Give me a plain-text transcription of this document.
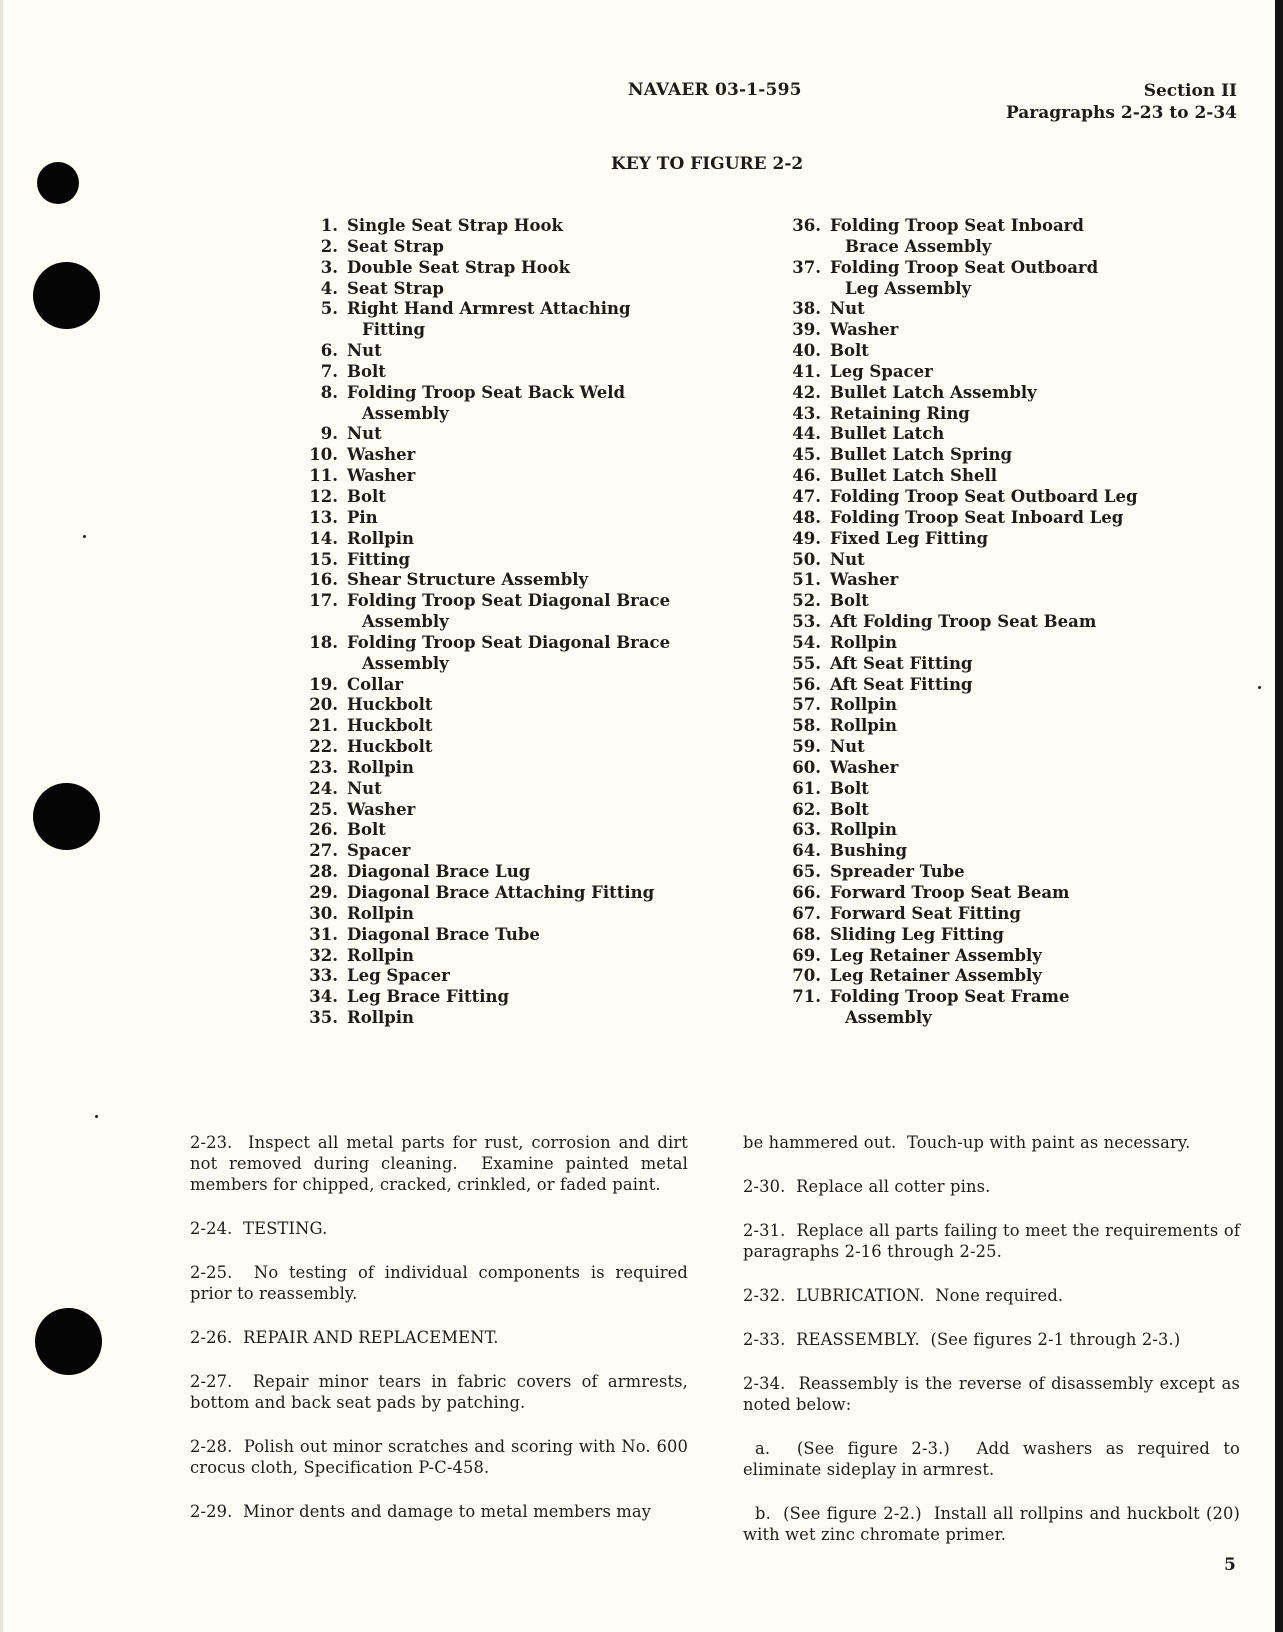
NAVAER 03-1-595	Section II
Paragraphs 2-23 to 2-34
KEY TO FIGURE 2-2
1. Single Seat Strap Hook
2. Seat Strap
3. Double Seat Strap Hook
4. Seat Strap
5. Right Hand Armrest Attaching
Fitting
6. Nut
7. Bolt
8. Folding Troop Seat Back Weld
Assembly
9. Nut
10. Washer
11. Washer
12. Bolt
13. Pin
14. Rollpin
15. Fitting
16. Shear Structure Assembly
17. Folding Troop Seat Diagonal Brace
Assembly
18. Folding Troop Seat Diagonal Brace
Assembly
19. Collar
20. Huckbolt
21. Huckbolt
22. Huckbolt
23. Rollpin
24. Nut
25. Washer
26. Bolt
27. Spacer
28. Diagonal Brace Lug
29. Diagonal Brace Attaching Fitting
30. Rollpin
31. Diagonal Brace Tube
32. Rollpin
33. Leg Spacer
34. Leg Brace Fitting
35. Rollpin
36. Folding Troop Seat Inboard
Brace Assembly
37. Folding Troop Seat Outboard
Leg Assembly
38. Nut
39. Washer
40. Bolt
41. Leg Spacer
42. Bullet Latch Assembly
43. Retaining Ring
44. Bullet Latch
45. Bullet Latch Spring
46. Bullet Latch Shell
47. Folding Troop Seat Outboard Leg
48. Folding Troop Seat Inboard Leg
49. Fixed Leg Fitting
50. Nut
51. Washer
52. Bolt
53. Aft Folding Troop Seat Beam
54. Rollpin
55. Aft Seat Fitting
56. Aft Seat Fitting
57. Rollpin
58. Rollpin
59. Nut
60. Washer
61. Bolt
62. Bolt
63. Rollpin
64. Bushing
65. Spreader Tube
66. Forward Troop Seat Beam
67. Forward Seat Fitting
68. Sliding Leg Fitting
69. Leg Retainer Assembly
70. Leg Retainer Assembly
71. Folding Troop Seat Frame
Assembly

2-23.  Inspect all metal parts for rust, corrosion and dirt not removed during cleaning.  Examine painted metal members for chipped, cracked, crinkled, or faded paint.

2-24.  TESTING.

2-25.  No testing of individual components is required prior to reassembly.

2-26.  REPAIR AND REPLACEMENT.

2-27.  Repair minor tears in fabric covers of armrests, bottom and back seat pads by patching.

2-28.  Polish out minor scratches and scoring with No. 600 crocus cloth, Specification P-C-458.

2-29.  Minor dents and damage to metal members may

be hammered out.  Touch-up with paint as necessary.

2-30.  Replace all cotter pins.

2-31.  Replace all parts failing to meet the requirements of paragraphs 2-16 through 2-25.

2-32.  LUBRICATION.  None required.

2-33.  REASSEMBLY.  (See figures 2-1 through 2-3.)

2-34.  Reassembly is the reverse of disassembly except as noted below:

a.  (See figure 2-3.)  Add washers as required to eliminate sideplay in armrest.

b.  (See figure 2-2.)  Install all rollpins and huckbolt (20) with wet zinc chromate primer.

5
